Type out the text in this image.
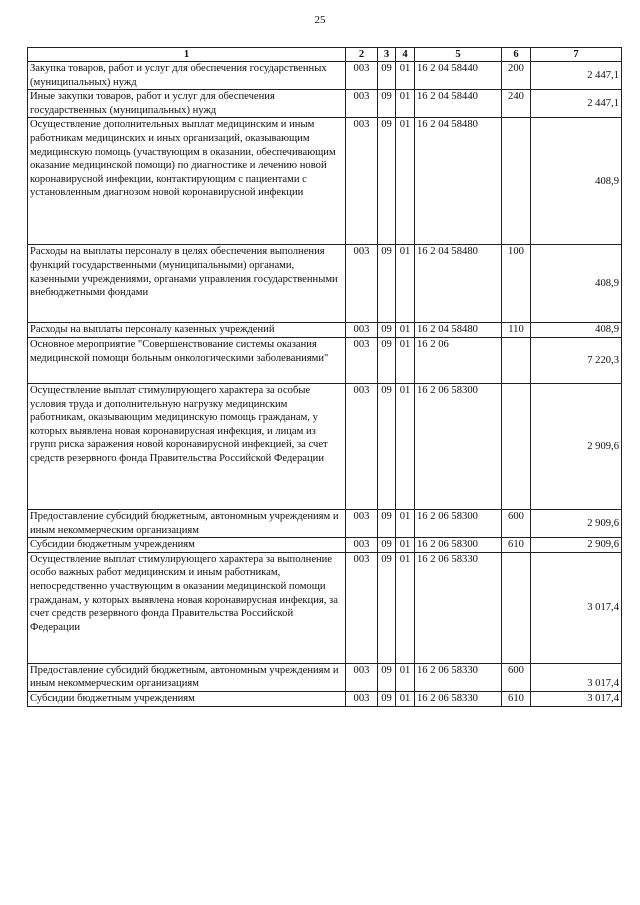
25
1	2	3	4	5	6	7
Закупка товаров, работ и услуг для обеспечения государственных (муниципальных) нужд	003	09	01	16 2 04 58440	200	2 447,1
Иные закупки товаров, работ и услуг для обеспечения государственных (муниципальных) нужд	003	09	01	16 2 04 58440	240	2 447,1
Осуществление дополнительных выплат медицинским и иным работникам медицинских и иных организаций, оказывающим медицинскую помощь (участвующим в оказании, обеспечивающим оказание медицинской помощи) по диагностике и лечению новой коронавирусной инфекции, контактирующим с пациентами с установленным диагнозом новой коронавирусной инфекции	003	09	01	16 2 04 58480		408,9
Расходы на выплаты персоналу в целях обеспечения выполнения функций государственными (муниципальными) органами, казенными учреждениями, органами управления государственными внебюджетными фондами	003	09	01	16 2 04 58480	100	408,9
Расходы на выплаты персоналу казенных учреждений	003	09	01	16 2 04 58480	110	408,9
Основное мероприятие "Совершенствование системы оказания медицинской помощи больным онкологическими заболеваниями"	003	09	01	16 2 06		7 220,3
Осуществление выплат стимулирующего характера за особые условия труда и дополнительную нагрузку медицинским работникам, оказывающим медицинскую помощь гражданам, у которых выявлена новая коронавирусная инфекция, и лицам из групп риска заражения новой коронавирусной инфекцией, за счет средств резервного фонда Правительства Российской Федерации	003	09	01	16 2 06 58300		2 909,6
Предоставление субсидий бюджетным, автономным учреждениям и иным некоммерческим организациям	003	09	01	16 2 06 58300	600	2 909,6
Субсидии бюджетным учреждениям	003	09	01	16 2 06 58300	610	2 909,6
Осуществление выплат стимулирующего характера за выполнение особо важных работ медицинским и иным работникам, непосредственно участвующим в оказании медицинской помощи гражданам, у которых выявлена новая коронавирусная инфекция, за счет средств резервного фонда Правительства Российской Федерации	003	09	01	16 2 06 58330		3 017,4
Предоставление субсидий бюджетным, автономным учреждениям и иным некоммерческим организациям	003	09	01	16 2 06 58330	600	3 017,4
Субсидии бюджетным учреждениям	003	09	01	16 2 06 58330	610	3 017,4
